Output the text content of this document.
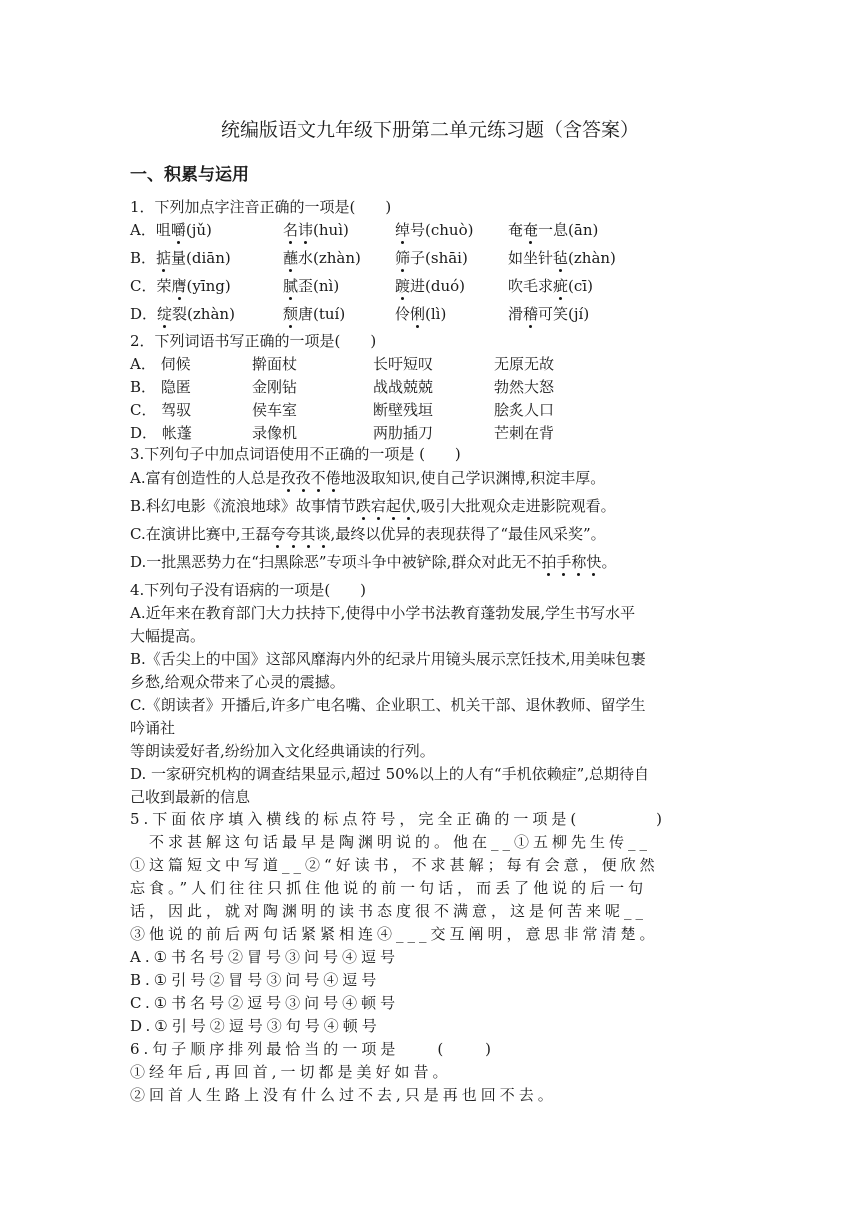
统编版语文九年级下册第二单元练习题（含答案）
一、积累与运用
1．下列加点字注音正确的一项是(　　)
A．咀嚼(jǔ)	名讳(huì)	绰号(chuò) 奄奄一息(ān)
B．掂量(diān)	蘸水(zhàn) 筛子(shāi)	如坐针毡(zhàn)
C．荣膺(yīng)	腻歪(nì)	踱进(duó)	吹毛求疵(cī)
D．绽裂(zhàn)	颓唐(tuí)	伶俐(lì)	滑稽可笑(jí)
2．下列词语书写正确的一项是(　　)
A． 伺候	擀面杖	长吁短叹	无原无故
B． 隐匿	金刚钻	战战兢兢	勃然大怒
C． 驾驭	侯车室	断壁残垣	脍炙人口
D． 帐蓬	录像机	两肋插刀	芒刺在背
3.下列句子中加点词语使用不正确的一项是 (　　)
A.富有创造性的人总是孜孜不倦地汲取知识,使自己学识渊博,积淀丰厚。
B.科幻电影《流浪地球》故事情节跌宕起伏,吸引大批观众走进影院观看。
C.在演讲比赛中,王磊夸夸其谈,最终以优异的表现获得了“最佳风采奖”。
D.一批黑恶势力在“扫黑除恶”专项斗争中被铲除,群众对此无不拍手称快。
4.下列句子没有语病的一项是(　　)
A.近年来在教育部门大力扶持下,使得中小学书法教育蓬勃发展,学生书写水平
大幅提高。
B.《舌尖上的中国》这部风靡海内外的纪录片用镜头展示烹饪技术,用美味包裹
乡愁,给观众带来了心灵的震撼。
C.《朗读者》开播后,许多广电名嘴、企业职工、机关干部、退休教师、留学生
吟诵社
等朗读爱好者,纷纷加入文化经典诵读的行列。
D. 一家研究机构的调查结果显示,超过 50%以上的人有“手机依赖症”,总期待自
己收到最新的信息
5.下面依序填入横线的标点符号，完全正确的一项是(　　　　)
　不求甚解这句话最早是陶渊明说的。他在__①五柳先生传__
①这篇短文中写道__②“好读书，不求甚解；每有会意，便欣然
忘食。”人们往往只抓住他说的前一句话，而丢了他说的后一句
话，因此，就对陶渊明的读书态度很不满意，这是何苦来呢__
③他说的前后两句话紧紧相连④___交互阐明，意思非常清楚。
A.①书名号②冒号③问号④逗号
B.①引号②冒号③问号④逗号
C.①书名号②逗号③问号④顿号
D.①引号②逗号③句号④顿号
6.句子顺序排列最恰当的一项是　　(　　)
①经年后,再回首,一切都是美好如昔。
②回首人生路上没有什么过不去,只是再也回不去。
